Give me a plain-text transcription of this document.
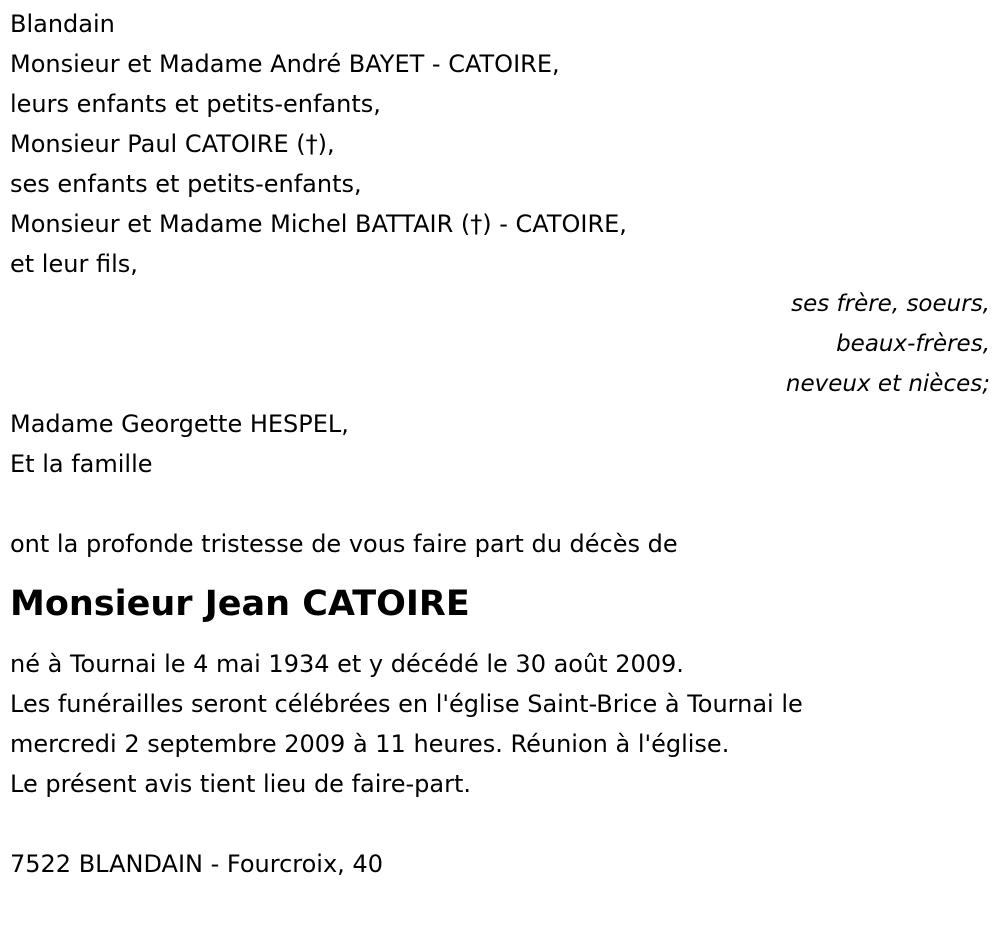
Blandain
Monsieur et Madame André BAYET - CATOIRE,
leurs enfants et petits-enfants,
Monsieur Paul CATOIRE (†),
ses enfants et petits-enfants,
Monsieur et Madame Michel BATTAIR (†) - CATOIRE,
et leur fils,
ses frère, soeurs,
beaux-frères,
neveux et nièces;
Madame Georgette HESPEL,
Et la famille
ont la profonde tristesse de vous faire part du décès de
Monsieur Jean CATOIRE
né à Tournai le 4 mai 1934 et y décédé le 30 août 2009.
Les funérailles seront célébrées en l'église Saint-Brice à Tournai le
mercredi 2 septembre 2009 à 11 heures. Réunion à l'église.
Le présent avis tient lieu de faire-part.
7522 BLANDAIN - Fourcroix, 40
